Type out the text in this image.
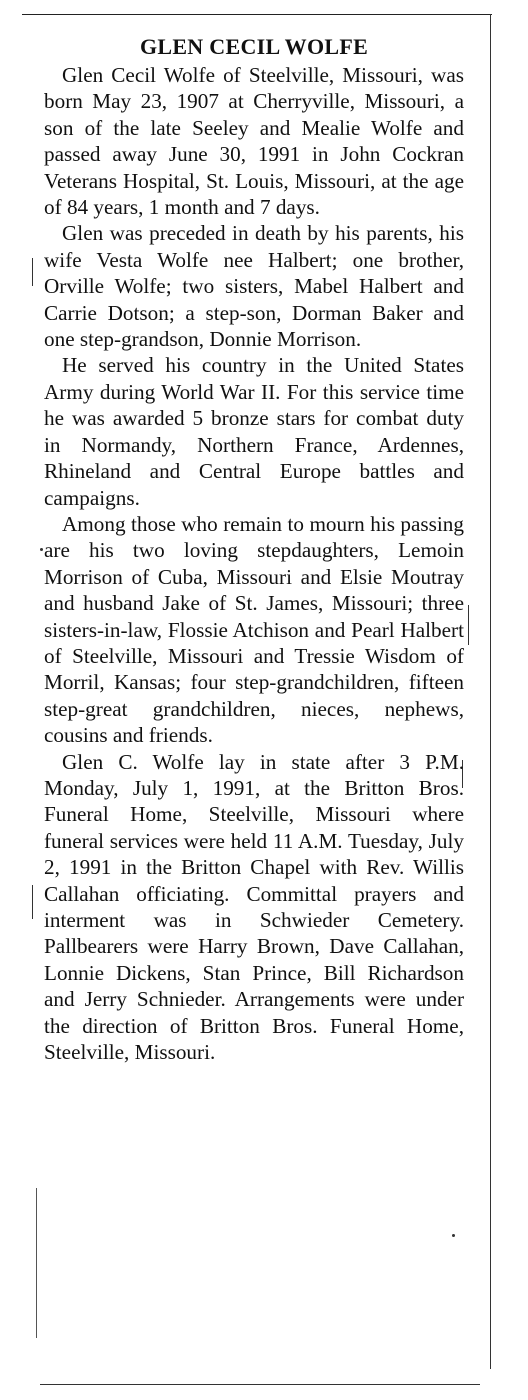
GLEN CECIL WOLFE

Glen Cecil Wolfe of Steelville, Missouri, was born May 23, 1907 at Cherryville, Missouri, a son of the late Seeley and Mealie Wolfe and passed away June 30, 1991 in John Cockran Veterans Hospital, St. Louis, Missouri, at the age of 84 years, 1 month and 7 days.

Glen was preceded in death by his parents, his wife Vesta Wolfe nee Halbert; one brother, Orville Wolfe; two sisters, Mabel Halbert and Carrie Dotson; a step-son, Dorman Baker and one step-grandson, Donnie Morrison.

He served his country in the United States Army during World War II. For this service time he was awarded 5 bronze stars for combat duty in Normandy, Northern France, Ardennes, Rhineland and Central Europe battles and campaigns.

Among those who remain to mourn his passing are his two loving stepdaughters, Lemoin Morrison of Cuba, Missouri and Elsie Moutray and husband Jake of St. James, Missouri; three sisters-in-law, Flossie Atchison and Pearl Halbert of Steelville, Missouri and Tressie Wisdom of Morril, Kansas; four step-grandchildren, fifteen step-great grandchildren, nieces, nephews, cousins and friends.

Glen C. Wolfe lay in state after 3 P.M. Monday, July 1, 1991, at the Britton Bros. Funeral Home, Steelville, Missouri where funeral services were held 11 A.M. Tuesday, July 2, 1991 in the Britton Chapel with Rev. Willis Callahan officiating. Committal prayers and interment was in Schwieder Cemetery. Pallbearers were Harry Brown, Dave Callahan, Lonnie Dickens, Stan Prince, Bill Richardson and Jerry Schnieder. Arrangements were under the direction of Britton Bros. Funeral Home, Steelville, Missouri.
